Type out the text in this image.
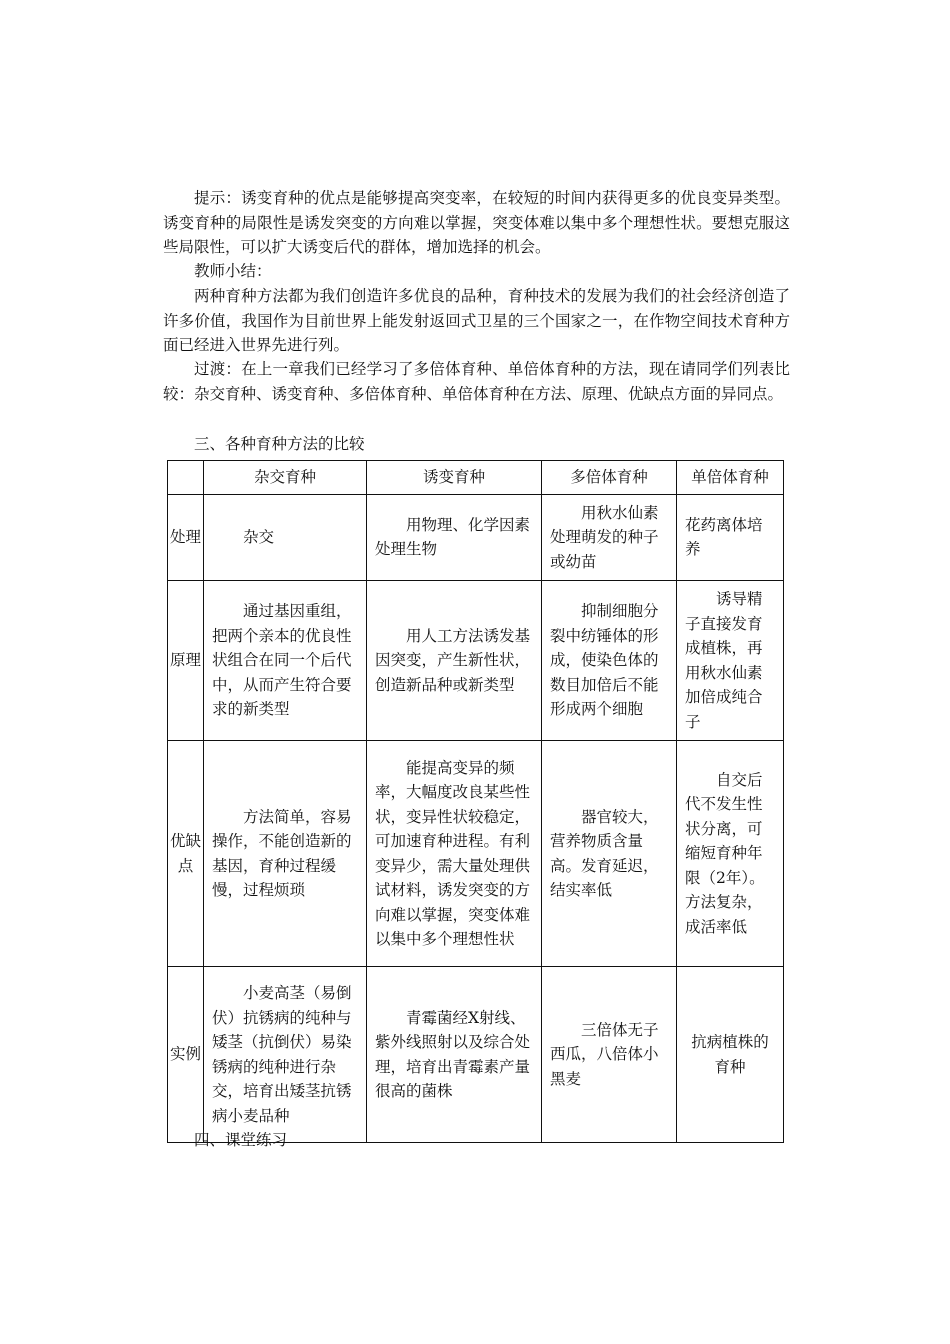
提示：诱变育种的优点是能够提高突变率，在较短的时间内获得更多的优良变异类型。诱变育种的局限性是诱发突变的方向难以掌握，突变体难以集中多个理想性状。要想克服这些局限性，可以扩大诱变后代的群体，增加选择的机会。

教师小结：

两种育种方法都为我们创造许多优良的品种，育种技术的发展为我们的社会经济创造了许多价值，我国作为目前世界上能发射返回式卫星的三个国家之一，在作物空间技术育种方面已经进入世界先进行列。

过渡：在上一章我们已经学习了多倍体育种、单倍体育种的方法，现在请同学们列表比较：杂交育种、诱变育种、多倍体育种、单倍体育种在方法、原理、优缺点方面的异同点。

三、各种育种方法的比较

	杂交育种	诱变育种	多倍体育种	单倍体育种
处理	杂交	用物理、化学因素处理生物	用秋水仙素处理萌发的种子或幼苗	花药离体培养
原理	通过基因重组，把两个亲本的优良性状组合在同一个后代中，从而产生符合要求的新类型	用人工方法诱发基因突变，产生新性状，创造新品种或新类型	抑制细胞分裂中纺锤体的形成，使染色体的数目加倍后不能形成两个细胞	诱导精子直接发育成植株，再用秋水仙素加倍成纯合子
优缺点	方法简单，容易操作，不能创造新的基因，育种过程缓慢，过程烦琐	能提高变异的频率，大幅度改良某些性状，变异性状较稳定，可加速育种进程。有利变异少，需大量处理供试材料，诱发突变的方向难以掌握，突变体难以集中多个理想性状	器官较大，营养物质含量高。发育延迟，结实率低	自交后代不发生性状分离，可缩短育种年限（2年）。方法复杂，成活率低
实例	小麦高茎（易倒伏）抗锈病的纯种与矮茎（抗倒伏）易染锈病的纯种进行杂交，培育出矮茎抗锈病小麦品种	青霉菌经X射线、紫外线照射以及综合处理，培育出青霉素产量很高的菌株	三倍体无子西瓜，八倍体小黑麦	抗病植株的育种

四、课堂练习
